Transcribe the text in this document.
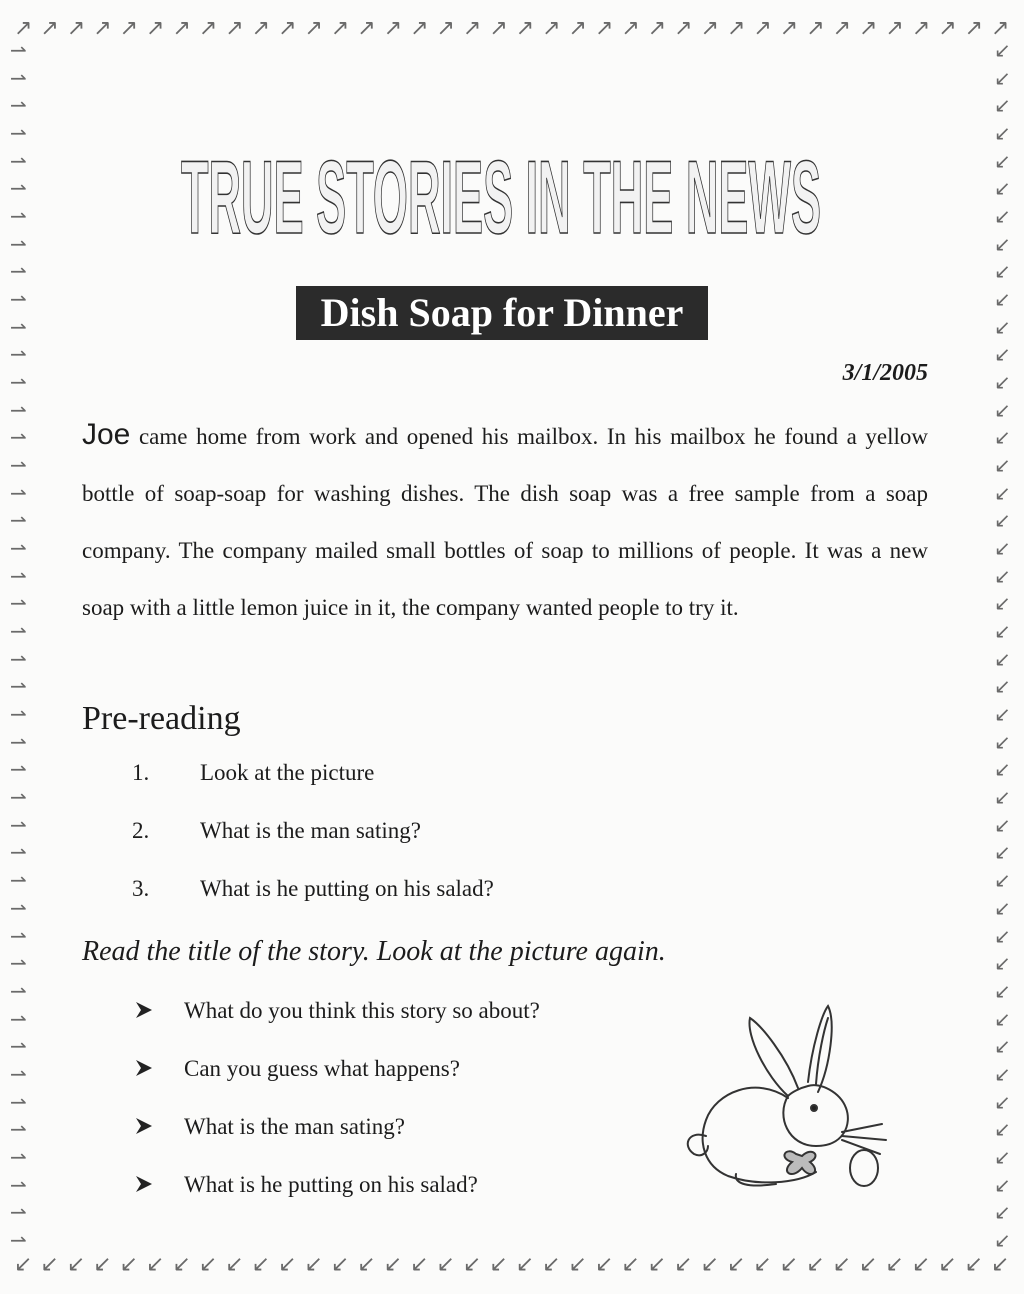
↗ ↗ ↗ ↗ ↗ ↗ ↗ ↗ ↗ ↗ ↗ ↗ ↗ ↗ ↗ ↗ ↗ ↗ ↗ ↗ ↗ ↗ ↗ ↗ ↗ ↗ ↗ ↗ ↗ ↗ ↗ ↗ ↗ ↗ ↗ ↗ ↗ ↗
↙ ↙ ↙ ↙ ↙ ↙ ↙ ↙ ↙ ↙ ↙ ↙ ↙ ↙ ↙ ↙ ↙ ↙ ↙ ↙ ↙ ↙ ↙ ↙ ↙ ↙ ↙ ↙ ↙ ↙ ↙ ↙ ↙ ↙ ↙ ↙ ↙ ↙
⇀
⇀
⇀
⇀
⇀
⇀
⇀
⇀
⇀
⇀
⇀
⇀
⇀
⇀
⇀
⇀
⇀
⇀
⇀
⇀
⇀
⇀
⇀
⇀
⇀
⇀
⇀
⇀
⇀
⇀
⇀
⇀
⇀
⇀
⇀
⇀
⇀
⇀
⇀
⇀
⇀
⇀
⇀
⇀
↙
↙
↙
↙
↙
↙
↙
↙
↙
↙
↙
↙
↙
↙
↙
↙
↙
↙
↙
↙
↙
↙
↙
↙
↙
↙
↙
↙
↙
↙
↙
↙
↙
↙
↙
↙
↙
↙
↙
↙
↙
↙
↙
↙
TRUE STORIES IN THE NEWS
Dish Soap for Dinner
3/1/2005
Joe came home from work and opened his mailbox. In his mailbox he found a yellow bottle of soap-soap for washing dishes. The dish soap was a free sample from a soap company. The company mailed small bottles of soap to millions of people. It was a new soap with a little lemon juice in it, the company wanted people to try it.
Pre-reading
1.	Look at the picture
2.	What is the man sating?
3.	What is he putting on his salad?
Read the title of the story. Look at the picture again.
What do you think this story so about?
Can you guess what happens?
What is the man sating?
What is he putting on his salad?
